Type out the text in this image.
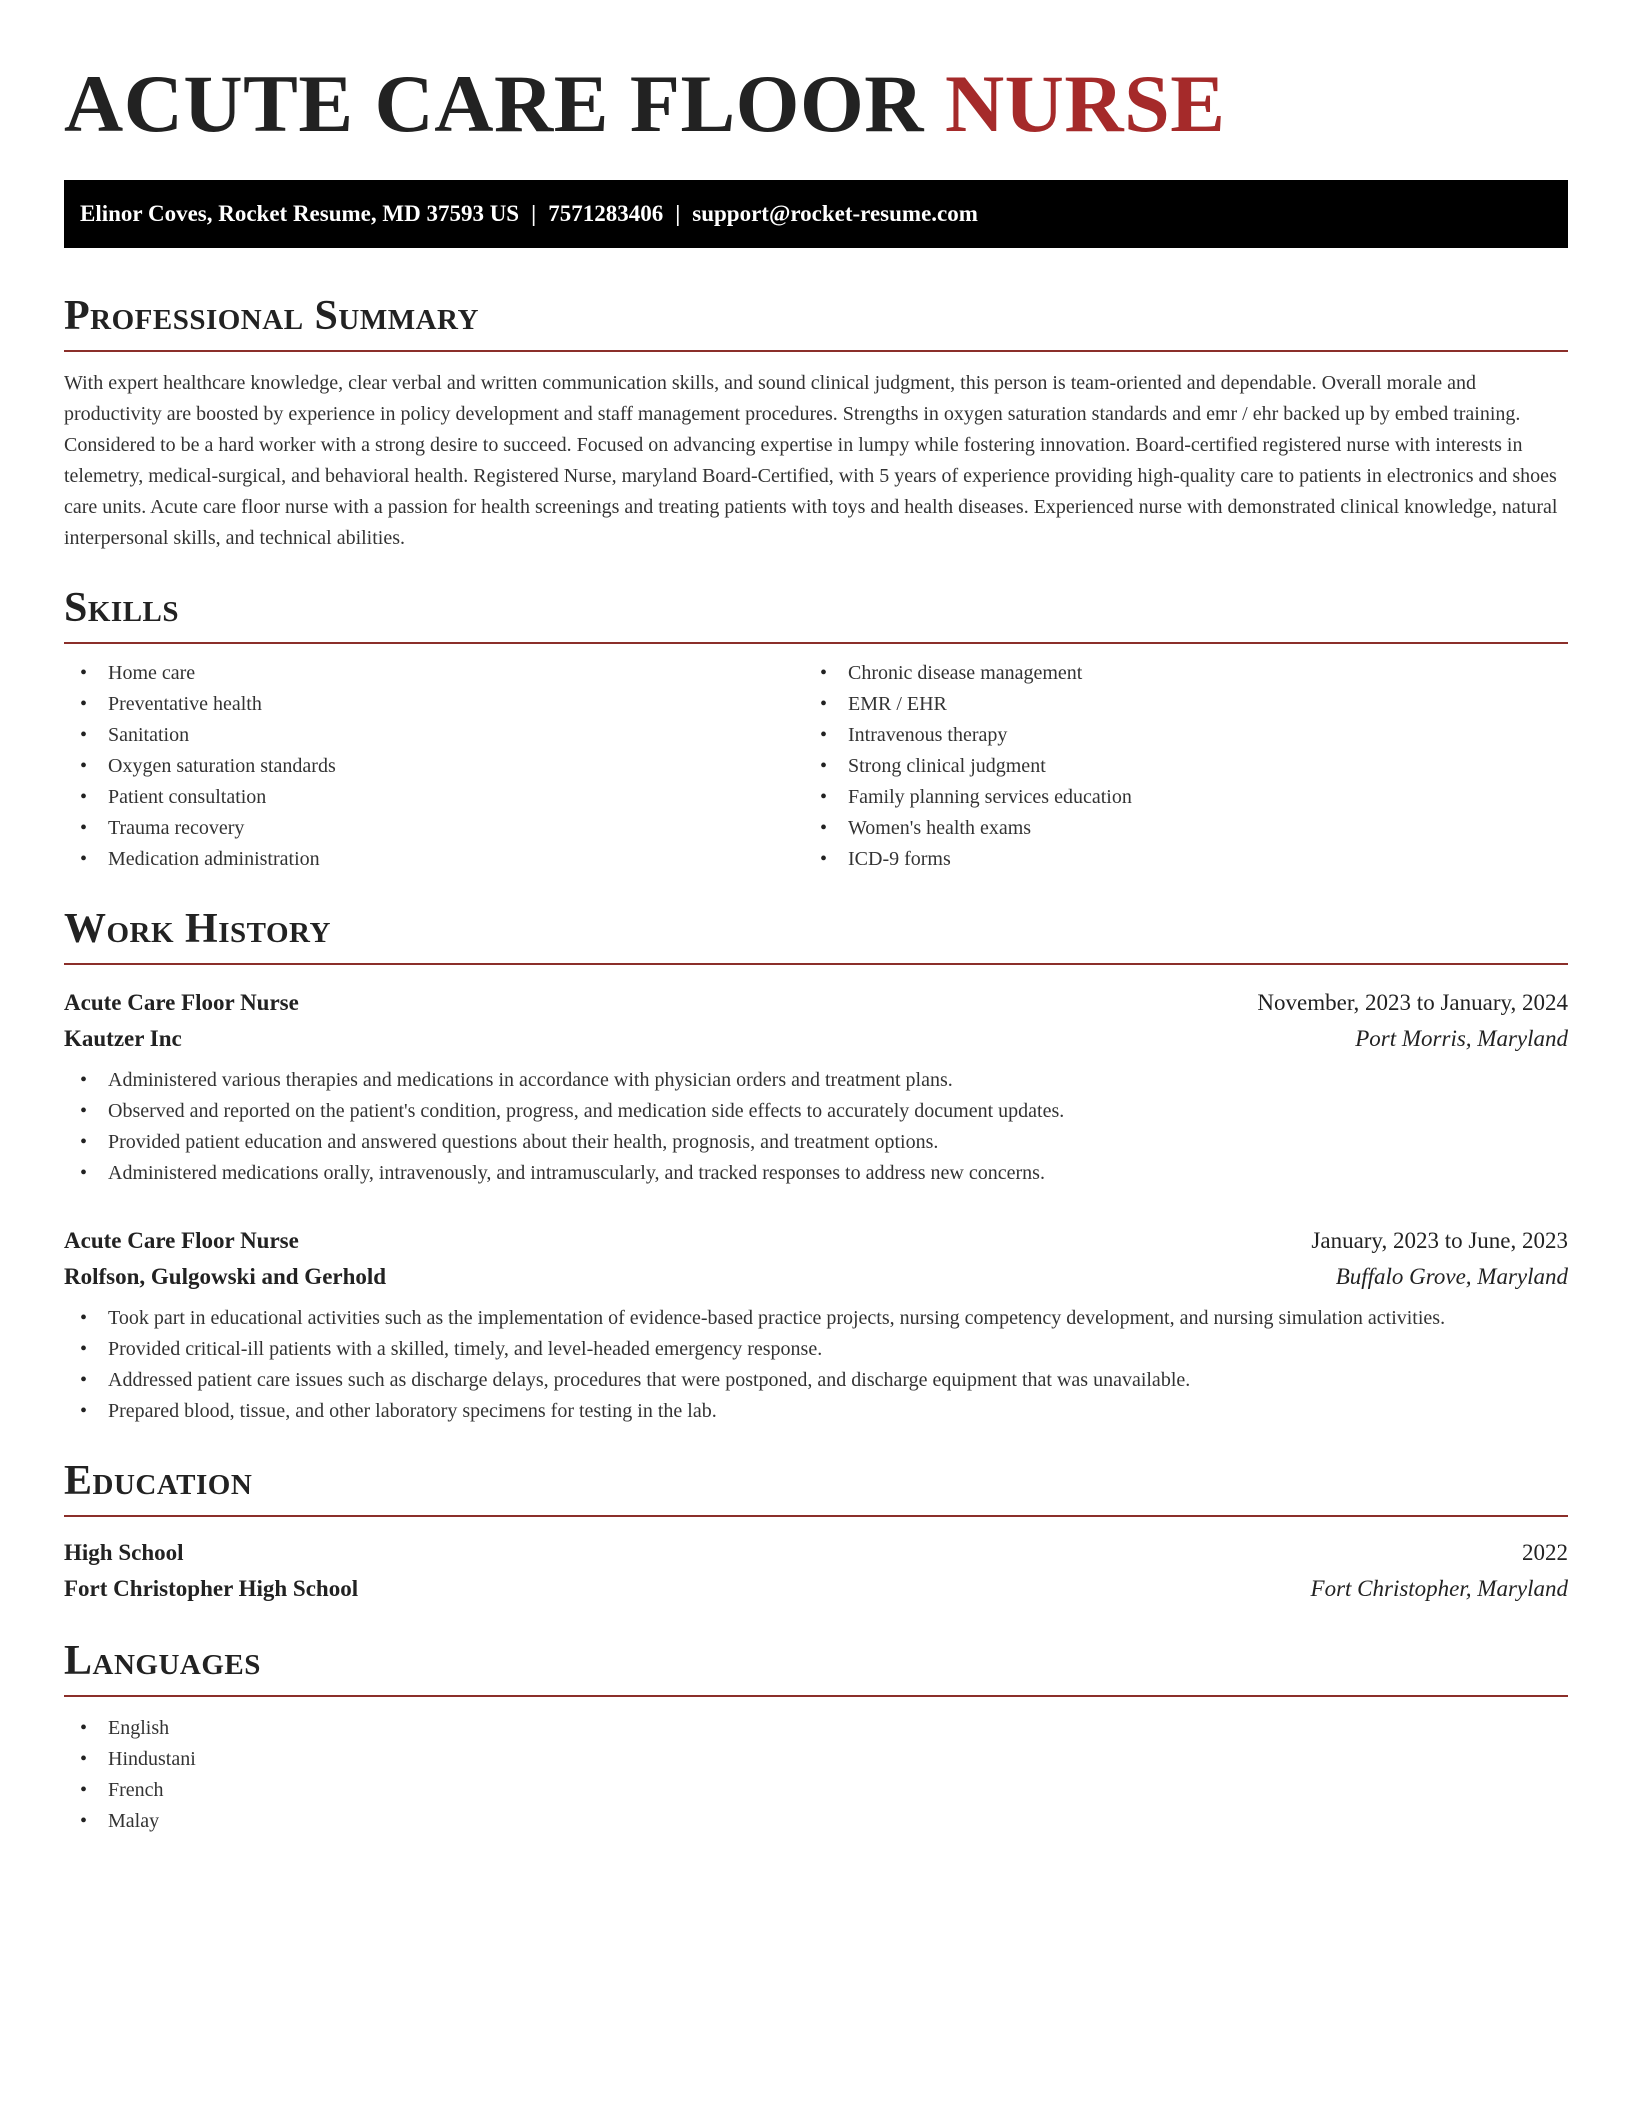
ACUTE CARE FLOOR NURSE
Elinor Coves, Rocket Resume, MD 37593 US | 7571283406 | support@rocket-resume.com
Professional Summary

With expert healthcare knowledge, clear verbal and written communication skills, and sound clinical judgment, this person is team-oriented and dependable. Overall morale and productivity are boosted by experience in policy development and staff management procedures. Strengths in oxygen saturation standards and emr / ehr backed up by embed training. Considered to be a hard worker with a strong desire to succeed. Focused on advancing expertise in lumpy while fostering innovation. Board-certified registered nurse with interests in telemetry, medical-surgical, and behavioral health. Registered Nurse, maryland Board-Certified, with 5 years of experience providing high-quality care to patients in electronics and shoes care units. Acute care floor nurse with a passion for health screenings and treating patients with toys and health diseases. Experienced nurse with demonstrated clinical knowledge, natural interpersonal skills, and technical abilities.

Skills
• Home care
• Preventative health
• Sanitation
• Oxygen saturation standards
• Patient consultation
• Trauma recovery
• Medication administration
• Chronic disease management
• EMR / EHR
• Intravenous therapy
• Strong clinical judgment
• Family planning services education
• Women's health exams
• ICD-9 forms
Work History
Acute Care Floor Nurse	November, 2023 to January, 2024
Kautzer Inc	Port Morris, Maryland
• Administered various therapies and medications in accordance with physician orders and treatment plans.
• Observed and reported on the patient's condition, progress, and medication side effects to accurately document updates.
• Provided patient education and answered questions about their health, prognosis, and treatment options.
• Administered medications orally, intravenously, and intramuscularly, and tracked responses to address new concerns.
Acute Care Floor Nurse	January, 2023 to June, 2023
Rolfson, Gulgowski and Gerhold	Buffalo Grove, Maryland
• Took part in educational activities such as the implementation of evidence-based practice projects, nursing competency development, and nursing simulation activities.
• Provided critical-ill patients with a skilled, timely, and level-headed emergency response.
• Addressed patient care issues such as discharge delays, procedures that were postponed, and discharge equipment that was unavailable.
• Prepared blood, tissue, and other laboratory specimens for testing in the lab.
Education
High School	2022
Fort Christopher High School	Fort Christopher, Maryland
Languages
• English
• Hindustani
• French
• Malay
